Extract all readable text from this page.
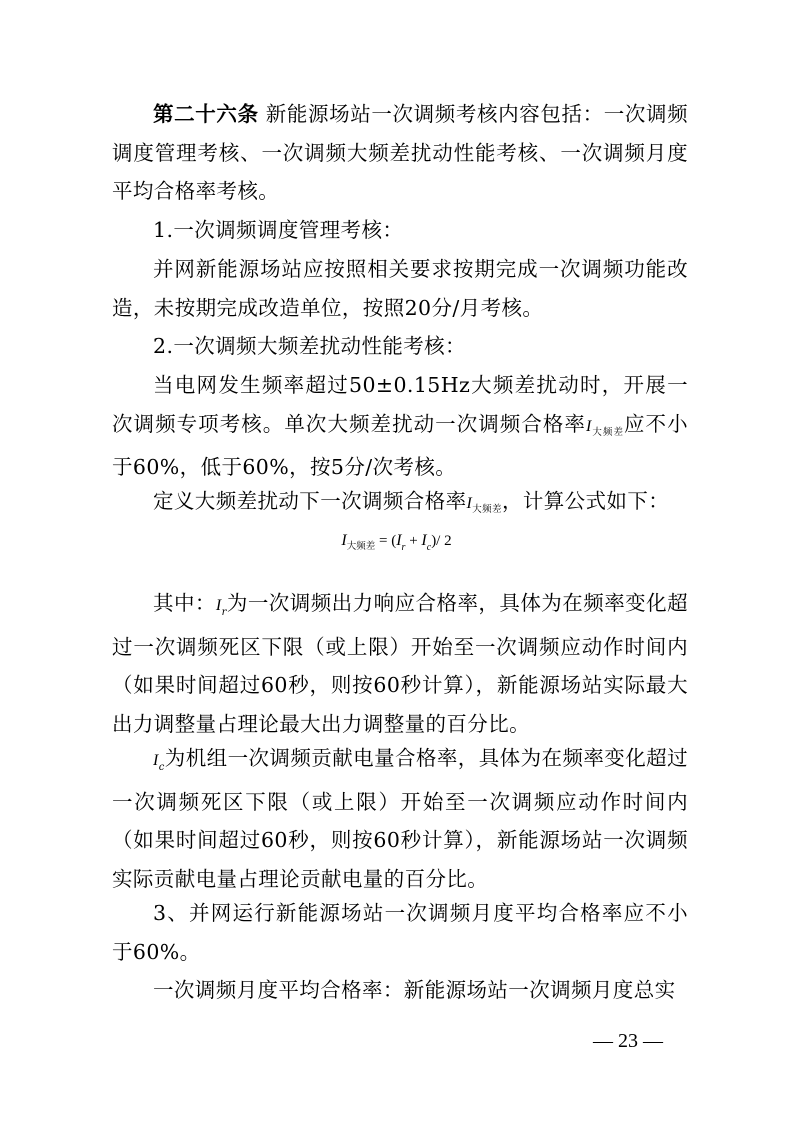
第二十六条 新能源场站一次调频考核内容包括：一次调频调度管理考核、一次调频大频差扰动性能考核、一次调频月度平均合格率考核。

1.一次调频调度管理考核：

并网新能源场站应按照相关要求按期完成一次调频功能改造，未按期完成改造单位，按照20分/月考核。

2.一次调频大频差扰动性能考核：

当电网发生频率超过50±0.15Hz大频差扰动时，开展一次调频专项考核。单次大频差扰动一次调频合格率I大频差应不小于60%，低于60%，按5分/次考核。

定义大频差扰动下一次调频合格率I大频差，计算公式如下：

$I_{大频差} = (I_r + I_c)/$ 2

其中：$I_r$为一次调频出力响应合格率，具体为在频率变化超过一次调频死区下限（或上限）开始至一次调频应动作时间内（如果时间超过60秒，则按60秒计算），新能源场站实际最大出力调整量占理论最大出力调整量的百分比。

$I_c$为机组一次调频贡献电量合格率，具体为在频率变化超过一次调频死区下限（或上限）开始至一次调频应动作时间内（如果时间超过60秒，则按60秒计算），新能源场站一次调频实际贡献电量占理论贡献电量的百分比。

3、并网运行新能源场站一次调频月度平均合格率应不小于60%。

一次调频月度平均合格率：新能源场站一次调频月度总实

— 23 —
